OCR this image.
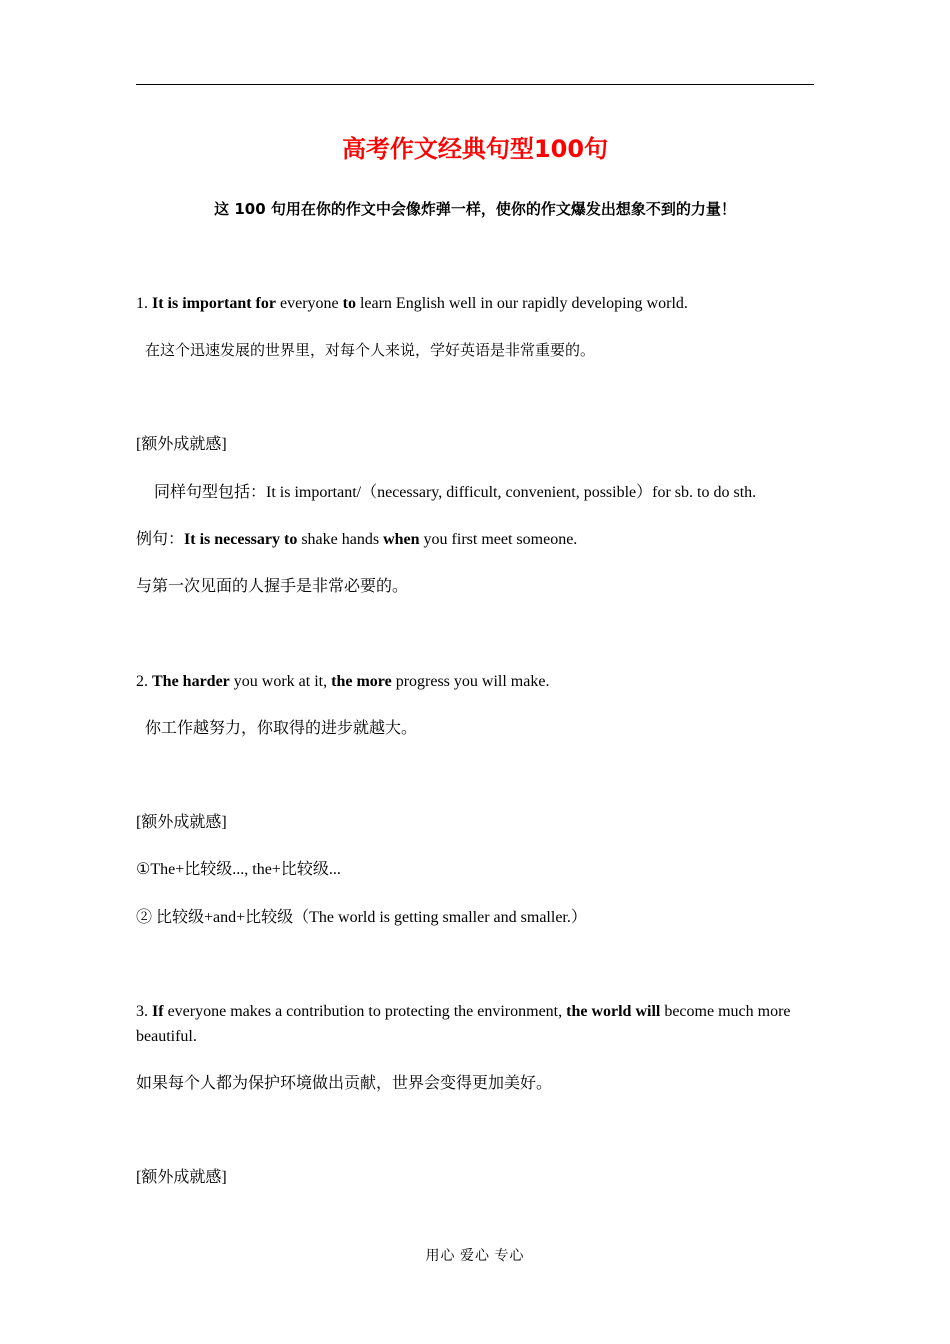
高考作文经典句型100句
这 100 句用在你的作文中会像炸弹一样，使你的作文爆发出想象不到的力量！
1. It is important for everyone to learn English well in our rapidly developing world.
在这个迅速发展的世界里，对每个人来说，学好英语是非常重要的。
[额外成就感]
同样句型包括：It is important/（necessary, difficult, convenient, possible）for sb. to do sth.
例句：It is necessary to shake hands when you first meet someone.
与第一次见面的人握手是非常必要的。
2. The harder you work at it, the more progress you will make.
你工作越努力，你取得的进步就越大。
[额外成就感]
①The+比较级..., the+比较级...
② 比较级+and+比较级（The world is getting smaller and smaller.）
3. If everyone makes a contribution to protecting the environment, the world will become much more beautiful.
如果每个人都为保护环境做出贡献，世界会变得更加美好。
[额外成就感]
用心 爱心 专心
